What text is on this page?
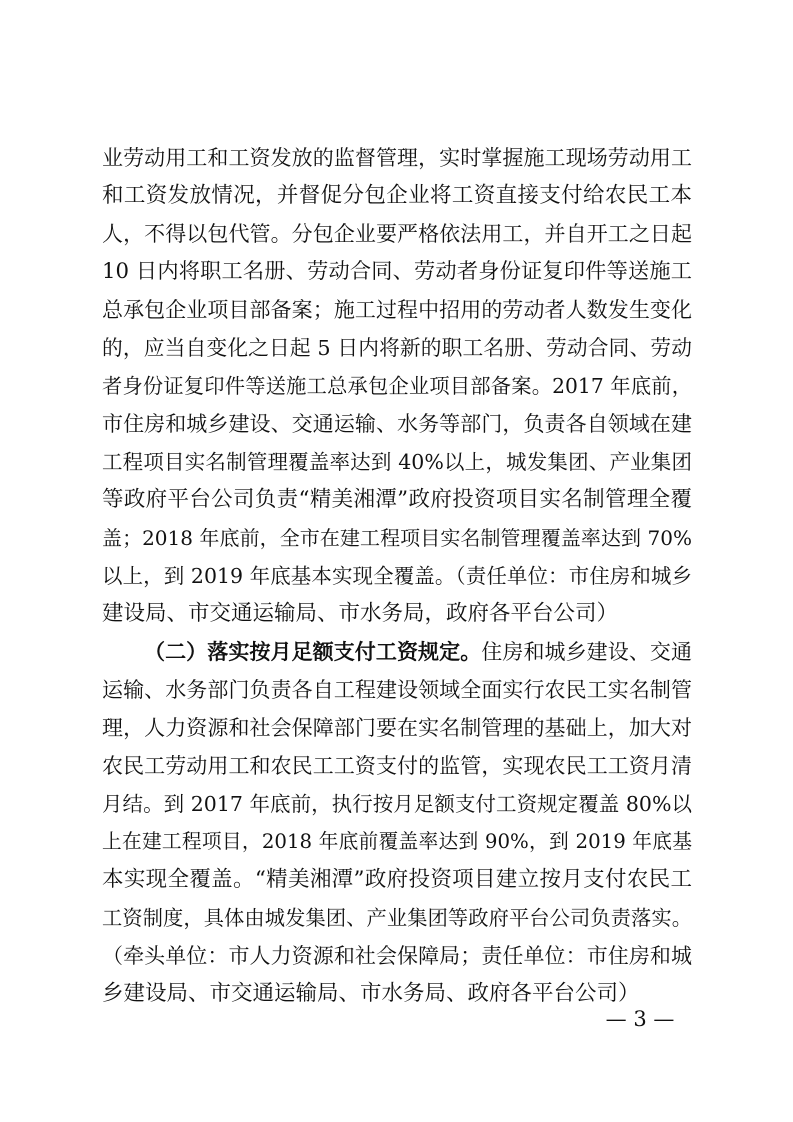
业劳动用工和工资发放的监督管理，实时掌握施工现场劳动用工
和工资发放情况，并督促分包企业将工资直接支付给农民工本
人，不得以包代管。分包企业要严格依法用工，并自开工之日起
10 日内将职工名册、劳动合同、劳动者身份证复印件等送施工
总承包企业项目部备案；施工过程中招用的劳动者人数发生变化
的，应当自变化之日起 5 日内将新的职工名册、劳动合同、劳动
者身份证复印件等送施工总承包企业项目部备案。2017 年底前，
市住房和城乡建设、交通运输、水务等部门，负责各自领域在建
工程项目实名制管理覆盖率达到 40%以上，城发集团、产业集团
等政府平台公司负责“精美湘潭”政府投资项目实名制管理全覆
盖；2018 年底前，全市在建工程项目实名制管理覆盖率达到 70%
以上，到 2019 年底基本实现全覆盖。（责任单位：市住房和城乡
建设局、市交通运输局、市水务局，政府各平台公司）
（二）落实按月足额支付工资规定。住房和城乡建设、交通
运输、水务部门负责各自工程建设领域全面实行农民工实名制管
理，人力资源和社会保障部门要在实名制管理的基础上，加大对
农民工劳动用工和农民工工资支付的监管，实现农民工工资月清
月结。到 2017 年底前，执行按月足额支付工资规定覆盖 80%以
上在建工程项目，2018 年底前覆盖率达到 90%，到 2019 年底基
本实现全覆盖。“精美湘潭”政府投资项目建立按月支付农民工
工资制度，具体由城发集团、产业集团等政府平台公司负责落实。
（牵头单位：市人力资源和社会保障局；责任单位：市住房和城
乡建设局、市交通运输局、市水务局、政府各平台公司）
— 3 —
